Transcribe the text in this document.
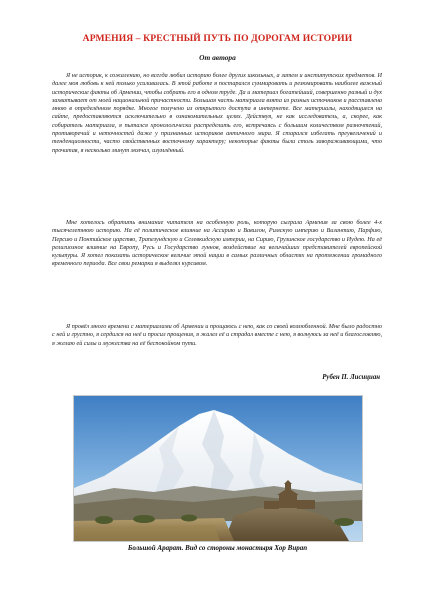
АРМЕНИЯ – КРЕСТНЫЙ ПУТЬ ПО ДОРОГАМ ИСТОРИИ
От автора

Я не историк, к сожалению, но всегда любил историю более других школьных, а затем и институтских предметов. И далее моя любовь к ней только усиливалась. В этой работе я постарался суммировать и резюмировать наиболее важный исторические факты об Армении, чтобы собрать его в одном труде. Да и материал богатейший, совершенно разный и дух захватывает от моей национальной причастности. Большая часть материала взята из разных источников и расставлена мною в определённом порядке. Многое получено из открытого доступа в интернете. Все материалы, находящиеся на сайте, предоставляются исключительно в ознакомительных целях. Действуя, не как исследователь, а, скорее, как собиратель материала, я пытался хронологически распределить его, встречаясь с большим количеством разночтений, противоречий и неточностей даже у признанных историков античного мира. Я старался избегать преувеличений и тенденциозности, часто свойственных восточному характеру; некоторые факты были столь завораживающими, что прочитав, я несколько минут молчал, изумлённый.

Мне хотелось обратить внимание читателя на особенную роль, которую сыграла Армения за свою более 4-х тысячелетнюю историю. На её политическое влияние на Ассирию и Вавилон, Римскую империю и Византию, Парфию, Персию и Понтийское царство, Трапезундскую и Селевкидскую империи, на Сирию, Грузинское государство и Иудею. На её религиозное влияние на Европу, Русь и Государство гуннов, воздействие на величайших представителей европейской культуры. Я хотел показать историческое величие этой нации в самых различных областях на протяжении громадного временного периода. Все свои ремарки я выделял курсивом.

Я провёл много времени с материалами об Армении и прощаюсь с нею, как со своей возлюбленной. Мне было радостно с ней и грустно, я сердился на неё и просил прощения, я жалел её и страдал вместе с нею, я волнуюсь за неё и благословляю, я желаю ей силы и мужества на её беспокойном пути.

Рубен П. Лисициан
Большой Арарат. Вид со стороны монастыря Хор Вирап
